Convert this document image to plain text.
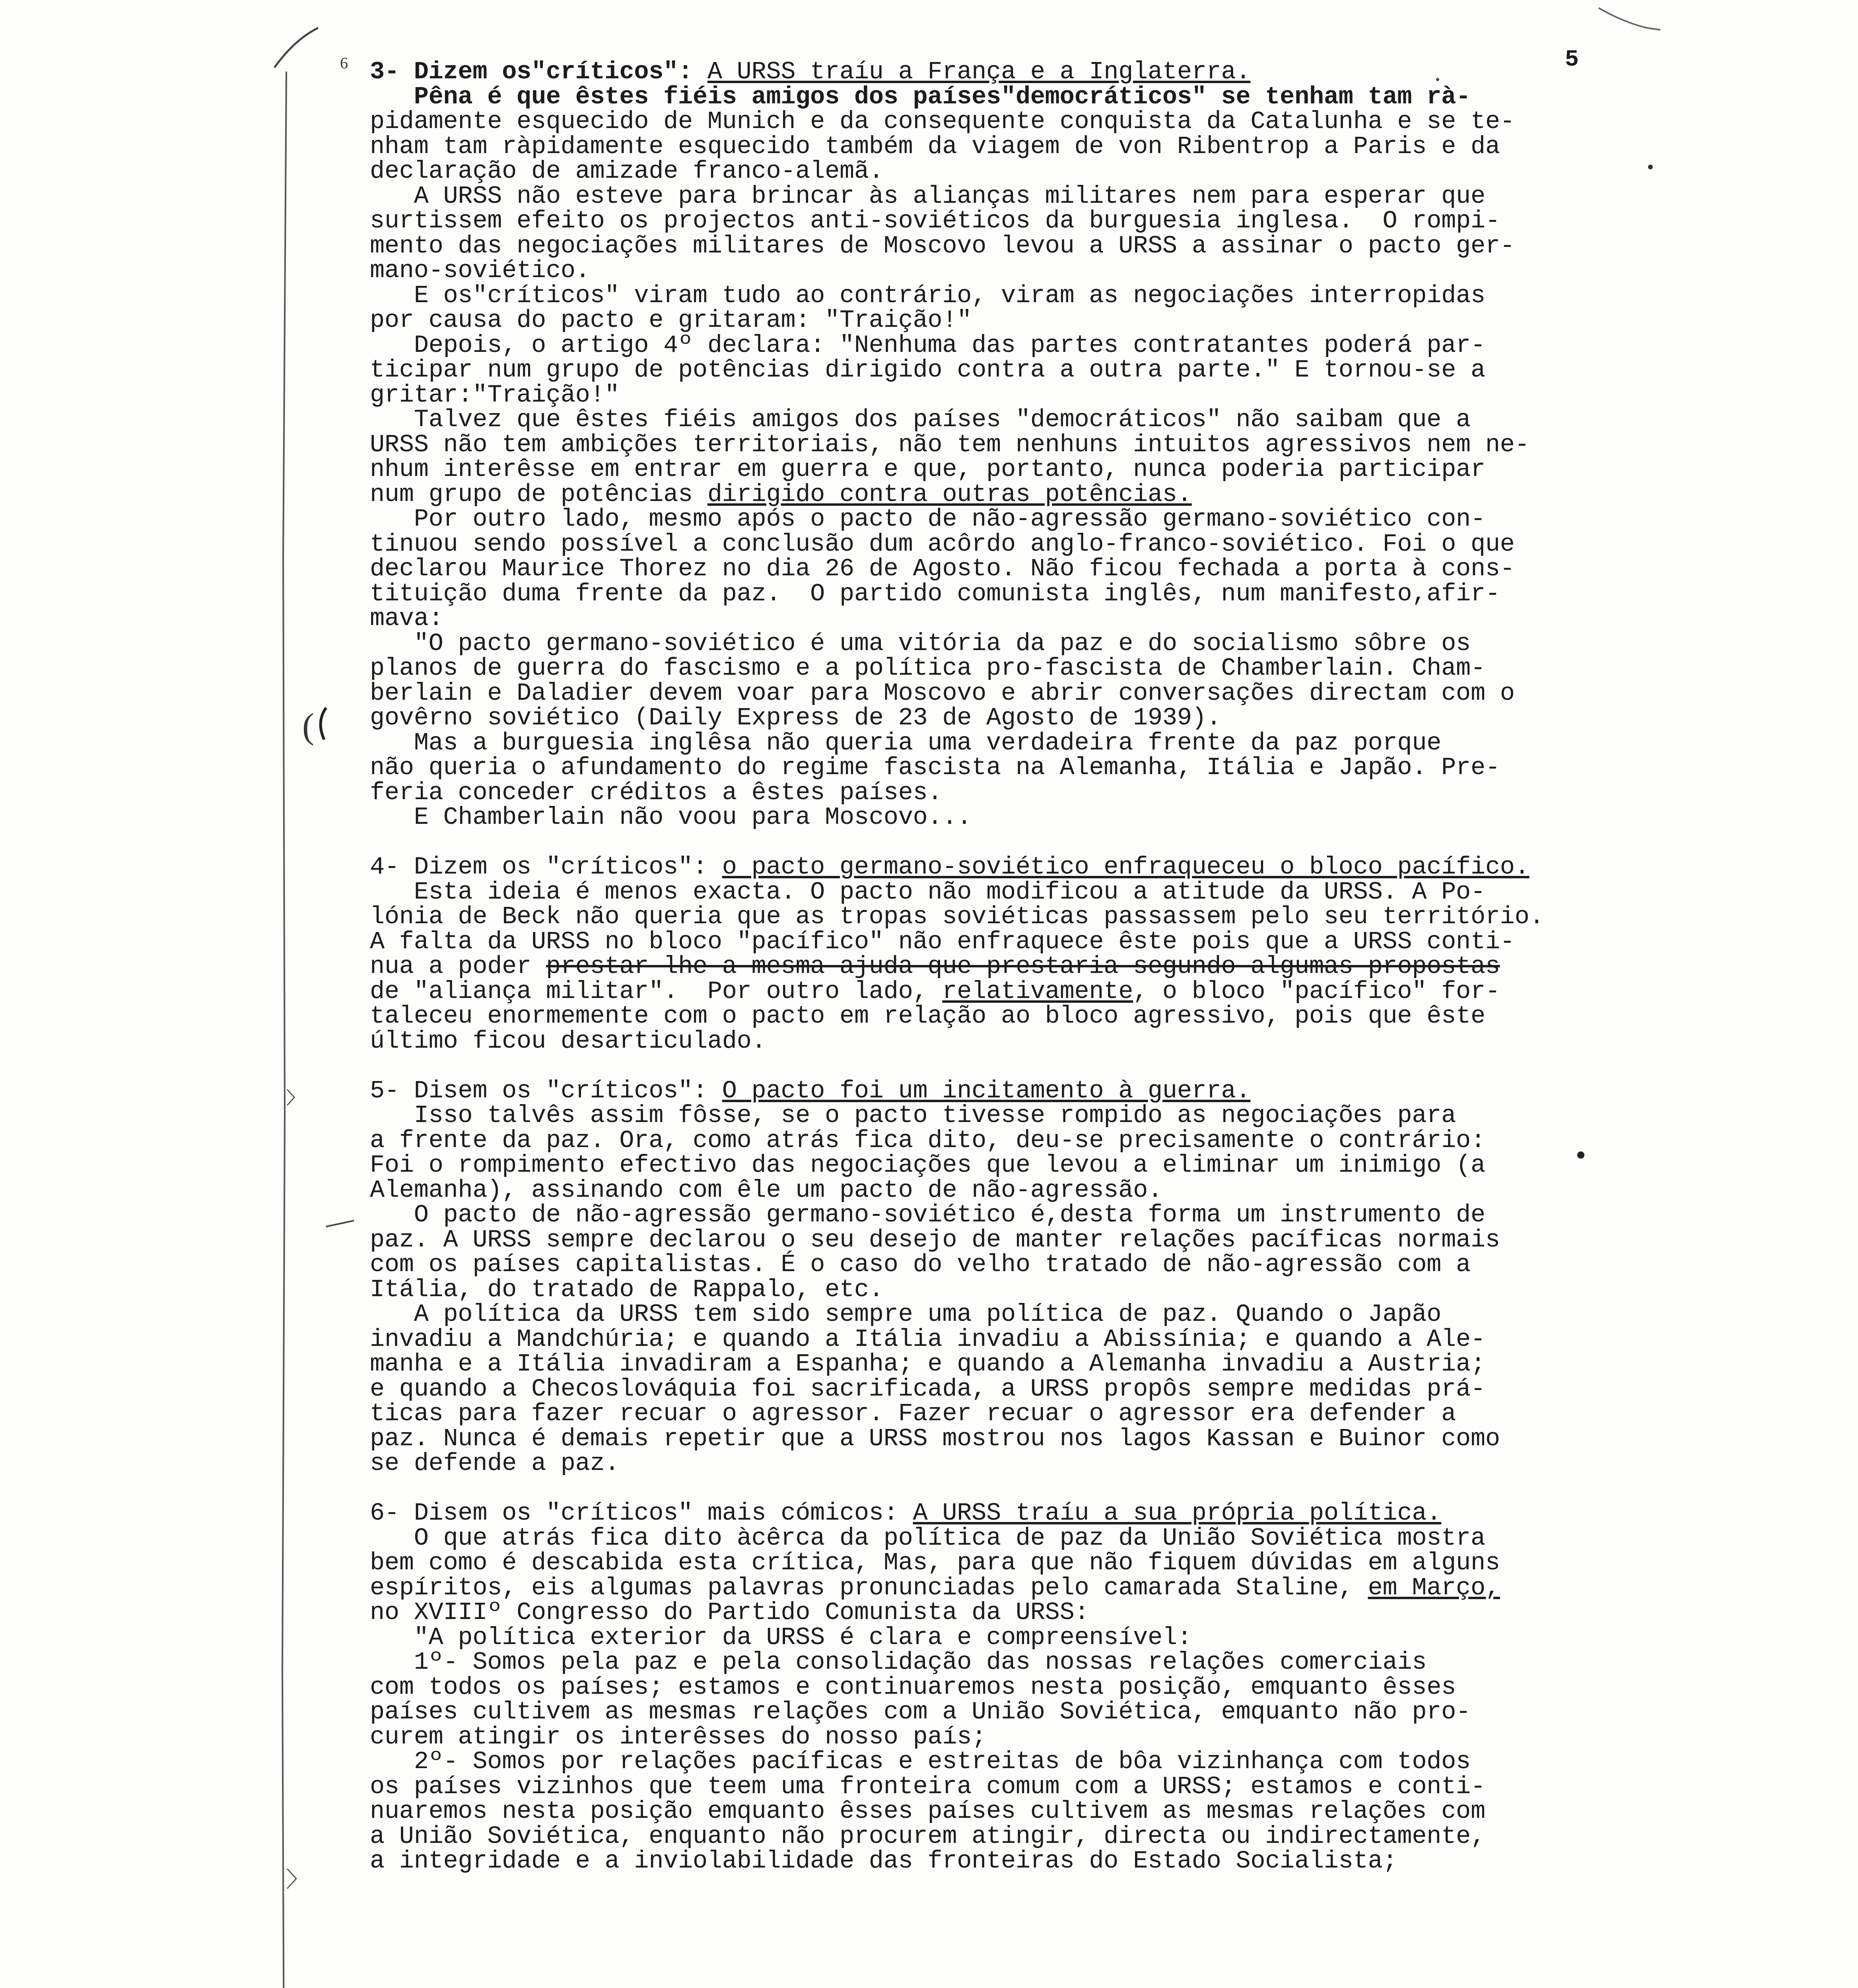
6	5
3- Dizem os"críticos": A URSS traíu a França e a Inglaterra.
Pêna é que êstes fiéis amigos dos países"democráticos" se tenham tam rà-
pidamente esquecido de Munich e da consequente conquista da Catalunha e se te-
nham tam ràpidamente esquecido também da viagem de von Ribentrop a Paris e da
declaração de amizade franco-alemã.
A URSS não esteve para brincar às alianças militares nem para esperar que
surtissem efeito os projectos anti-soviéticos da burguesia inglesa.  O rompi-
mento das negociações militares de Moscovo levou a URSS a assinar o pacto ger-
mano-soviético.
E os"críticos" viram tudo ao contrário, viram as negociações interropidas
por causa do pacto e gritaram: "Traição!"
Depois, o artigo 4º declara: "Nenhuma das partes contratantes poderá par-
ticipar num grupo de potências dirigido contra a outra parte." E tornou-se a
gritar:"Traição!"
Talvez que êstes fiéis amigos dos países "democráticos" não saibam que a
URSS não tem ambições territoriais, não tem nenhuns intuitos agressivos nem ne-
nhum interêsse em entrar em guerra e que, portanto, nunca poderia participar
num grupo de potências dirigido contra outras potências.
Por outro lado, mesmo após o pacto de não-agressão germano-soviético con-
tinuou sendo possível a conclusão dum acôrdo anglo-franco-soviético. Foi o que
declarou Maurice Thorez no dia 26 de Agosto. Não ficou fechada a porta à cons-
tituição duma frente da paz.  O partido comunista inglês, num manifesto,afir-
mava:
"O pacto germano-soviético é uma vitória da paz e do socialismo sôbre os
planos de guerra do fascismo e a política pro-fascista de Chamberlain. Cham-
berlain e Daladier devem voar para Moscovo e abrir conversações directam com o
govêrno soviético (Daily Express de 23 de Agosto de 1939).
Mas a burguesia inglêsa não queria uma verdadeira frente da paz porque
não queria o afundamento do regime fascista na Alemanha, Itália e Japão. Pre-
feria conceder créditos a êstes países.
E Chamberlain não voou para Moscovo...
4- Dizem os "críticos": o pacto germano-soviético enfraqueceu o bloco pacífico.
Esta ideia é menos exacta. O pacto não modificou a atitude da URSS. A Po-
lónia de Beck não queria que as tropas soviéticas passassem pelo seu território.
A falta da URSS no bloco "pacífico" não enfraquece êste pois que a URSS conti-
nua a poder prestar-lhe a mesma ajuda que prestaria segundo algumas propostas
de "aliança militar".  Por outro lado, relativamente, o bloco "pacífico" for-
taleceu enormemente com o pacto em relação ao bloco agressivo, pois que êste
último ficou desarticulado.
5- Disem os "críticos": O pacto foi um incitamento à guerra.
Isso talvês assim fôsse, se o pacto tivesse rompido as negociações para
a frente da paz. Ora, como atrás fica dito, deu-se precisamente o contrário:
Foi o rompimento efectivo das negociações que levou a eliminar um inimigo (a
Alemanha), assinando com êle um pacto de não-agressão.
O pacto de não-agressão germano-soviético é,desta forma um instrumento de
paz. A URSS sempre declarou o seu desejo de manter relações pacíficas normais
com os países capitalistas. É o caso do velho tratado de não-agressão com a
Itália, do tratado de Rappalo, etc.
A política da URSS tem sido sempre uma política de paz. Quando o Japão
invadiu a Mandchúria; e quando a Itália invadiu a Abissínia; e quando a Ale-
manha e a Itália invadiram a Espanha; e quando a Alemanha invadiu a Austria;
e quando a Checoslováquia foi sacrificada, a URSS propôs sempre medidas prá-
ticas para fazer recuar o agressor. Fazer recuar o agressor era defender a
paz. Nunca é demais repetir que a URSS mostrou nos lagos Kassan e Buinor como
se defende a paz.
6- Disem os "críticos" mais cómicos: A URSS traíu a sua própria política.
O que atrás fica dito àcêrca da política de paz da União Soviética mostra
bem como é descabida esta crítica, Mas, para que não fiquem dúvidas em alguns
espíritos, eis algumas palavras pronunciadas pelo camarada Staline, em Março,
no XVIIIº Congresso do Partido Comunista da URSS:
"A política exterior da URSS é clara e compreensível:
1º- Somos pela paz e pela consolidação das nossas relações comerciais
com todos os países; estamos e continuaremos nesta posição, emquanto êsses
países cultivem as mesmas relações com a União Soviética, emquanto não pro-
curem atingir os interêsses do nosso país;
2º- Somos por relações pacíficas e estreitas de bôa vizinhança com todos
os países vizinhos que teem uma fronteira comum com a URSS; estamos e conti-
nuaremos nesta posição emquanto êsses países cultivem as mesmas relações com
a União Soviética, enquanto não procurem atingir, directa ou indirectamente,
a integridade e a inviolabilidade das fronteiras do Estado Socialista;
(
